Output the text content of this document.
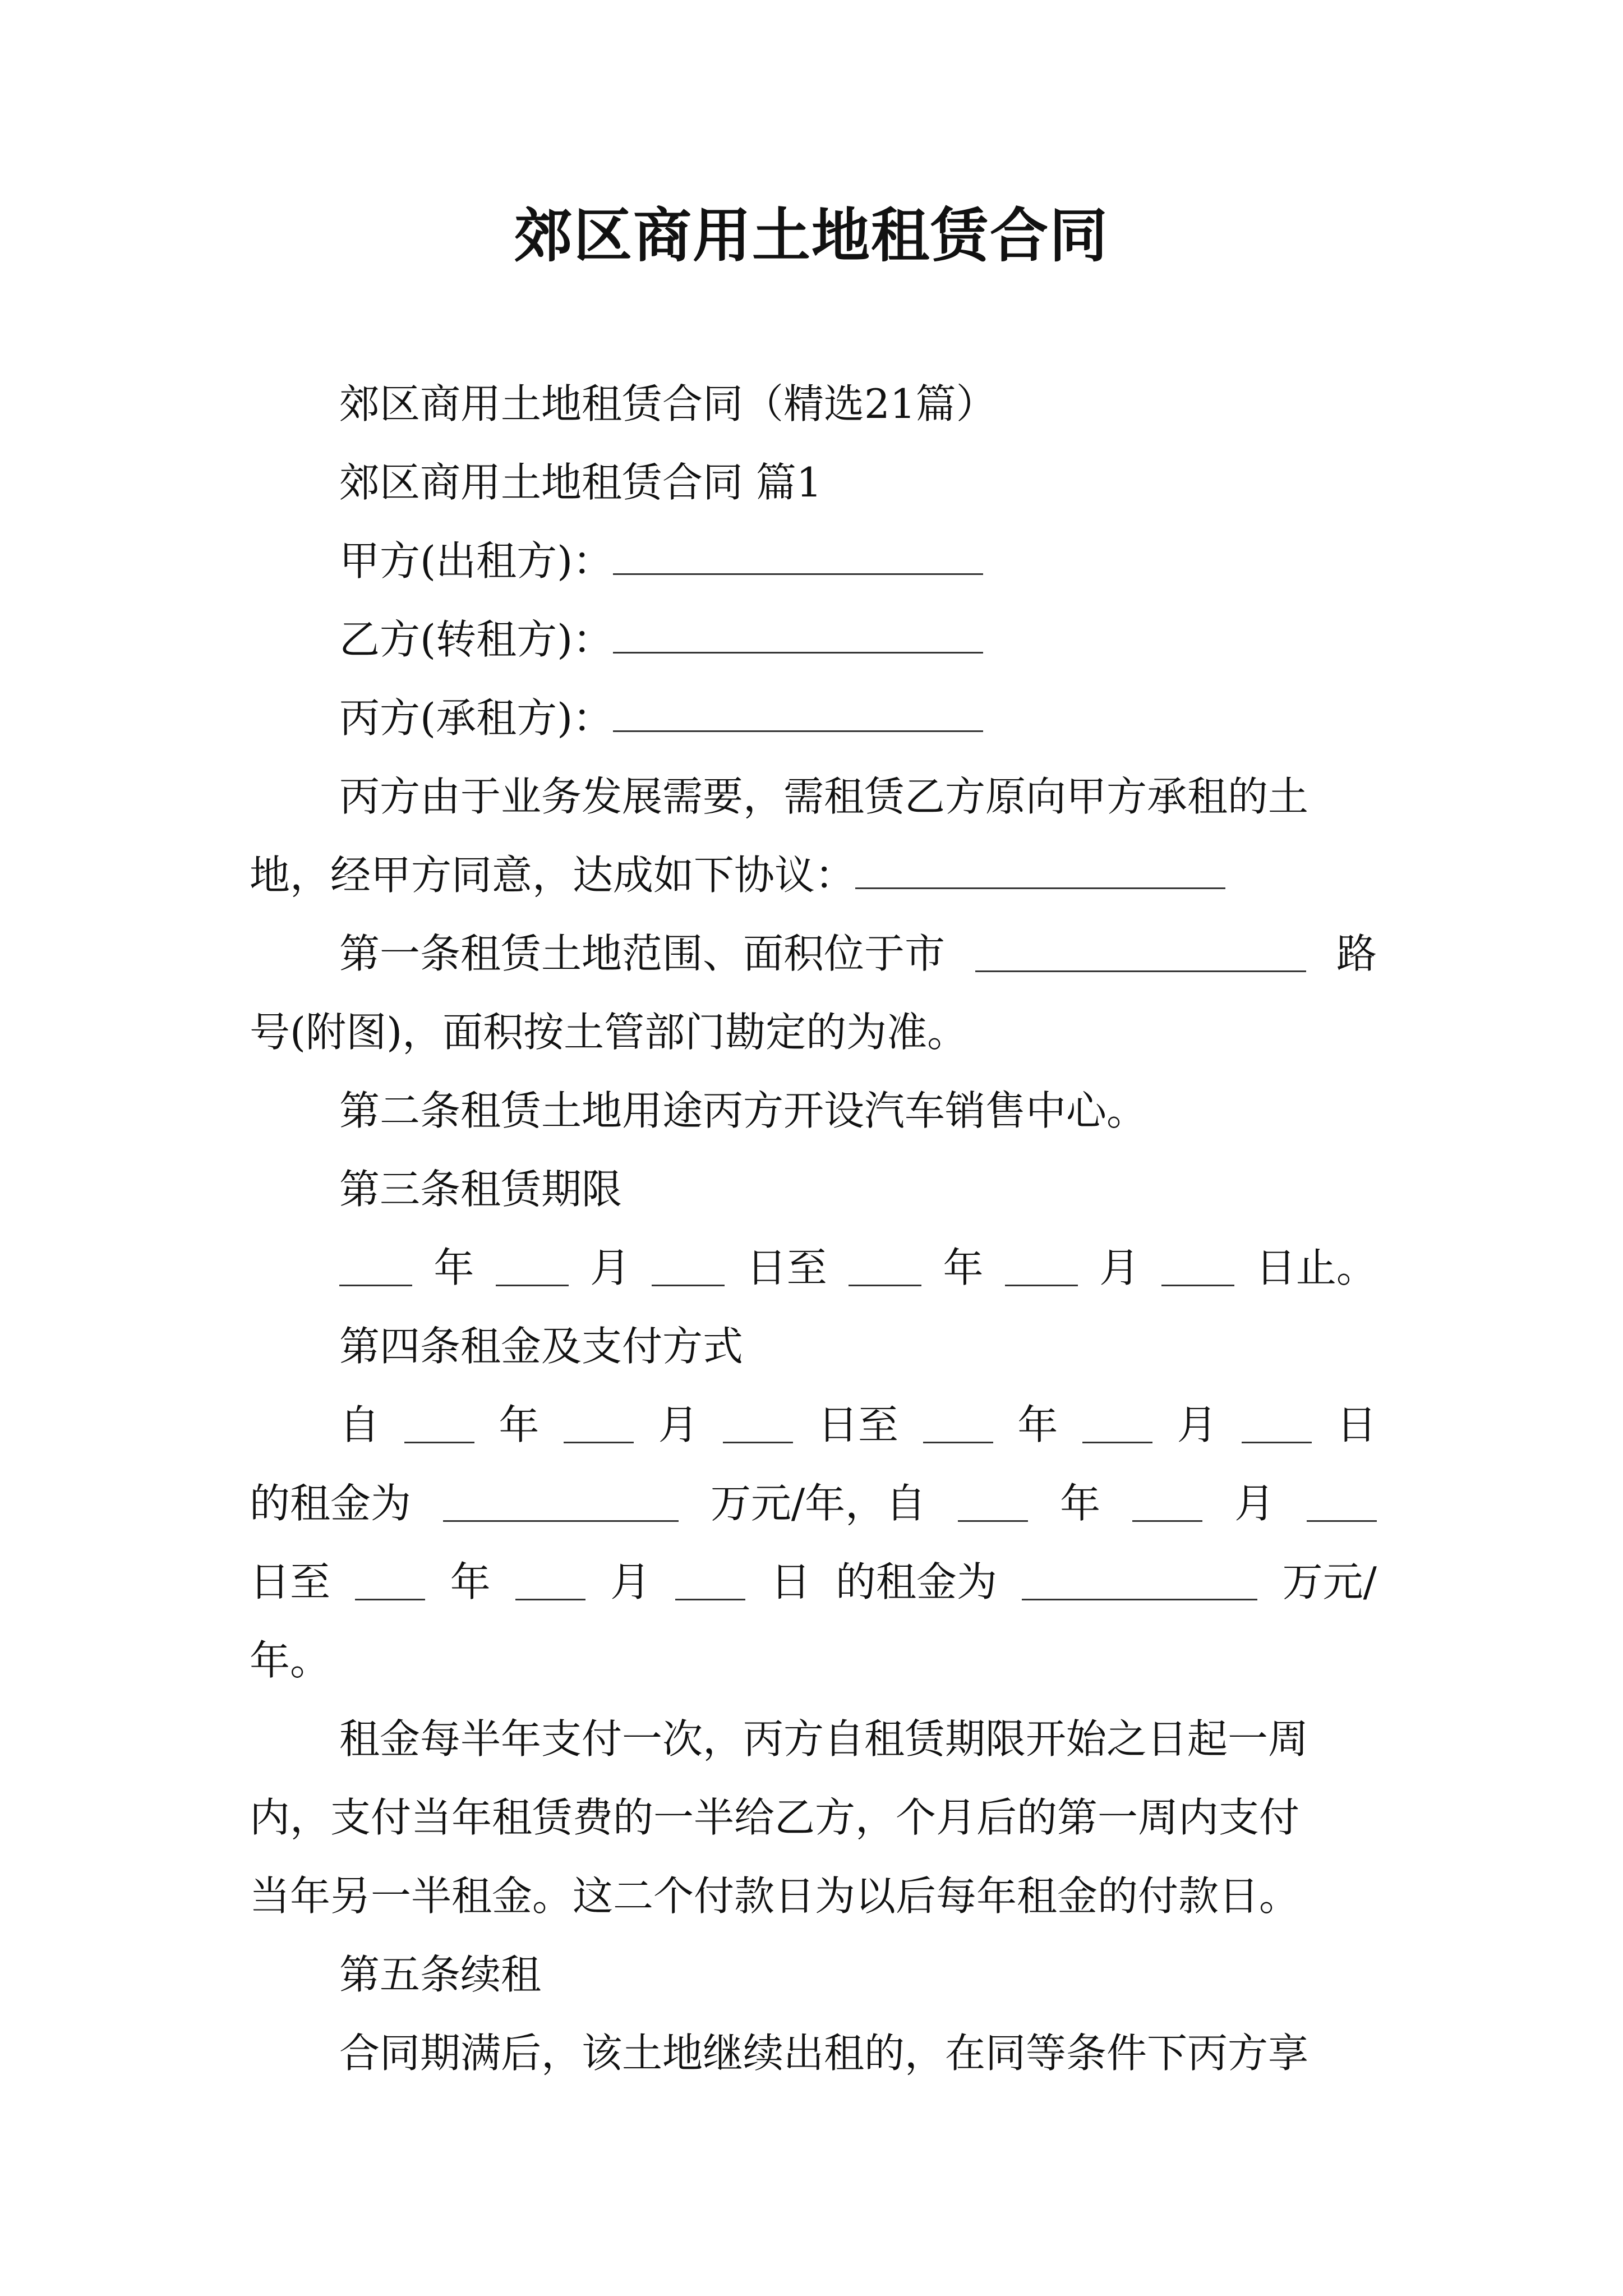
郊区商用土地租赁合同
郊区商用土地租赁合同（精选21篇）
郊区商用土地租赁合同 篇1
甲方(出租方)：
乙方(转租方)：
丙方(承租方)：
丙方由于业务发展需要，需租赁乙方原向甲方承租的土
地，经甲方同意，达成如下协议：
第一条租赁土地范围、面积位于市	路
号(附图)，面积按土管部门勘定的为准。
第二条租赁土地用途丙方开设汽车销售中心。
第三条租赁期限
年	月	日至	年	月	日止。
第四条租金及支付方式
自	年	月	日至	年	月	日
的租金为	万元/年，自	年	月
日至	年	月	日 的租金为	万元/
年。
租金每半年支付一次，丙方自租赁期限开始之日起一周
内，支付当年租赁费的一半给乙方，个月后的第一周内支付
当年另一半租金。这二个付款日为以后每年租金的付款日。
第五条续租
合同期满后，该土地继续出租的，在同等条件下丙方享
